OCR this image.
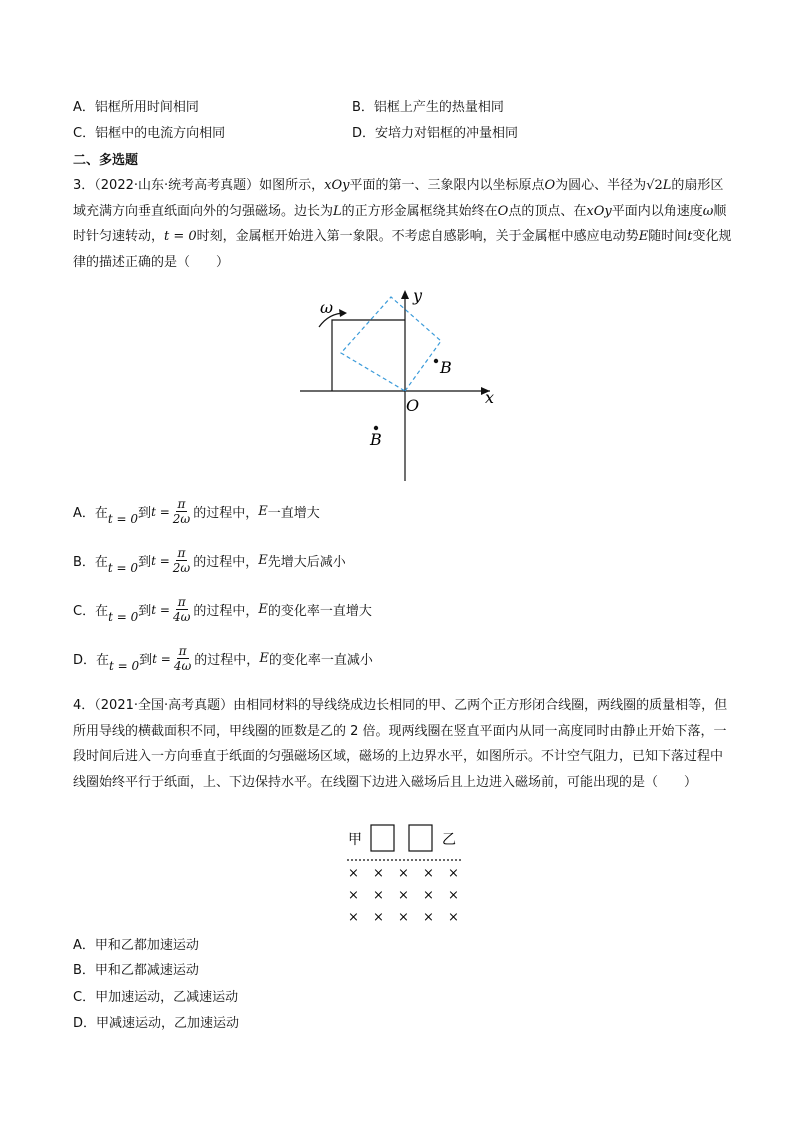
A．铝框所用时间相同	B．铝框上产生的热量相同
C．铝框中的电流方向相同	D．安培力对铝框的冲量相同
二、多选题
3．（2022·山东·统考高考真题）如图所示，xOy平面的第一、三象限内以坐标原点O为圆心、半径为√2L的扇形区域充满方向垂直纸面向外的匀强磁场。边长为L的正方形金属框绕其始终在O点的顶点、在xOy平面内以角速度ω顺时针匀速转动，t = 0时刻，金属框开始进入第一象限。不考虑自感影响，关于金属框中感应电动势E随时间t变化规律的描述正确的是（　　）
ω
y
x
O
B
B
A．在 t = 0 到 $t = \frac{\pi}{2\omega}$ 的过程中， E 一直增大
B．在 t = 0 到 $t = \frac{\pi}{2\omega}$ 的过程中， E 先增大后减小
C．在 t = 0 到 $t = \frac{\pi}{4\omega}$ 的过程中， E 的变化率一直增大
D．在 t = 0 到 $t = \frac{\pi}{4\omega}$ 的过程中， E 的变化率一直减小
4．（2021·全国·高考真题）由相同材料的导线绕成边长相同的甲、乙两个正方形闭合线圈，两线圈的质量相等，但所用导线的横截面积不同，甲线圈的匝数是乙的 2 倍。现两线圈在竖直平面内从同一高度同时由静止开始下落，一段时间后进入一方向垂直于纸面的匀强磁场区域，磁场的上边界水平，如图所示。不计空气阻力，已知下落过程中线圈始终平行于纸面，上、下边保持水平。在线圈下边进入磁场后且上边进入磁场前，可能出现的是（　　）
甲	乙
× × × × ×
× × × × ×
× × × × ×
A．甲和乙都加速运动
B．甲和乙都减速运动
C．甲加速运动，乙减速运动
D．甲减速运动，乙加速运动
